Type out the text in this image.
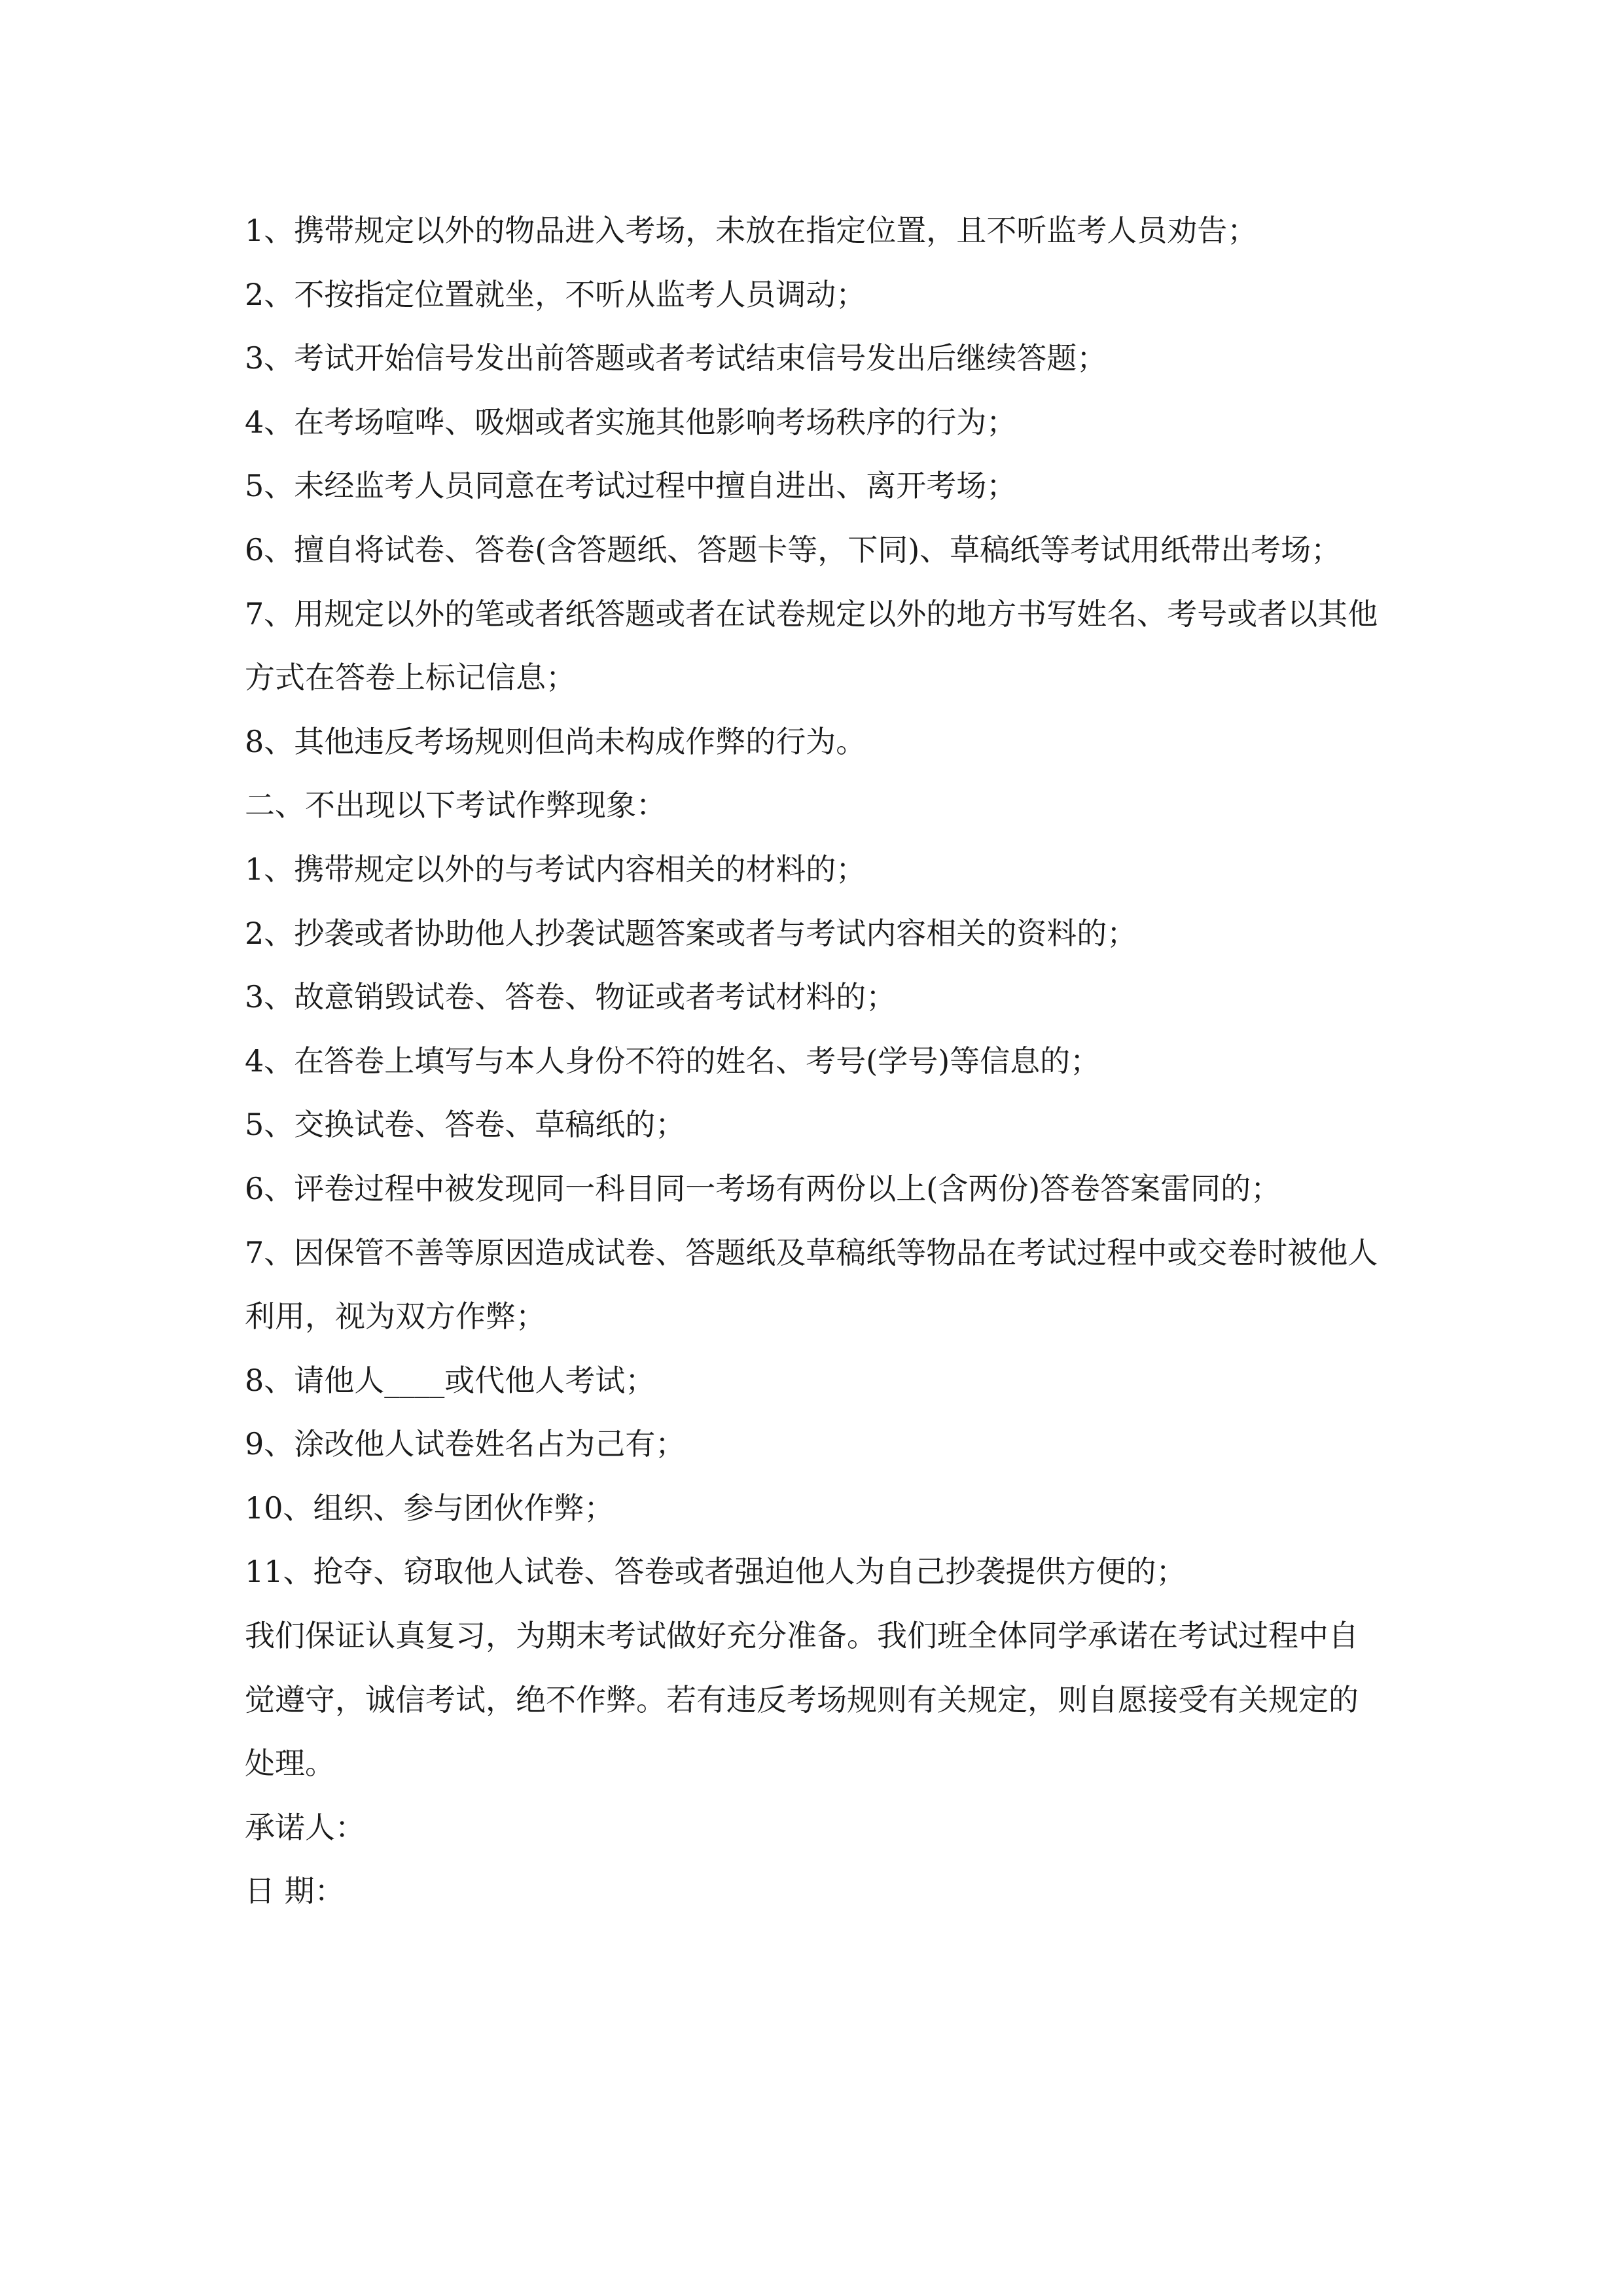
1、携带规定以外的物品进入考场，未放在指定位置，且不听监考人员劝告；

2、不按指定位置就坐，不听从监考人员调动；

3、考试开始信号发出前答题或者考试结束信号发出后继续答题；

4、在考场喧哗、吸烟或者实施其他影响考场秩序的行为；

5、未经监考人员同意在考试过程中擅自进出、离开考场；

6、擅自将试卷、答卷(含答题纸、答题卡等，下同)、草稿纸等考试用纸带出考场；

7、用规定以外的笔或者纸答题或者在试卷规定以外的地方书写姓名、考号或者以其他方式在答卷上标记信息；

8、其他违反考场规则但尚未构成作弊的行为。

二、不出现以下考试作弊现象：

1、携带规定以外的与考试内容相关的材料的；

2、抄袭或者协助他人抄袭试题答案或者与考试内容相关的资料的；

3、故意销毁试卷、答卷、物证或者考试材料的；

4、在答卷上填写与本人身份不符的姓名、考号(学号)等信息的；

5、交换试卷、答卷、草稿纸的；

6、评卷过程中被发现同一科目同一考场有两份以上(含两份)答卷答案雷同的；

7、因保管不善等原因造成试卷、答题纸及草稿纸等物品在考试过程中或交卷时被他人利用，视为双方作弊；

8、请他人____或代他人考试；

9、涂改他人试卷姓名占为己有；

10、组织、参与团伙作弊；

11、抢夺、窃取他人试卷、答卷或者强迫他人为自己抄袭提供方便的；

我们保证认真复习，为期末考试做好充分准备。我们班全体同学承诺在考试过程中自觉遵守，诚信考试，绝不作弊。若有违反考场规则有关规定，则自愿接受有关规定的处理。

承诺人：

日 期：
